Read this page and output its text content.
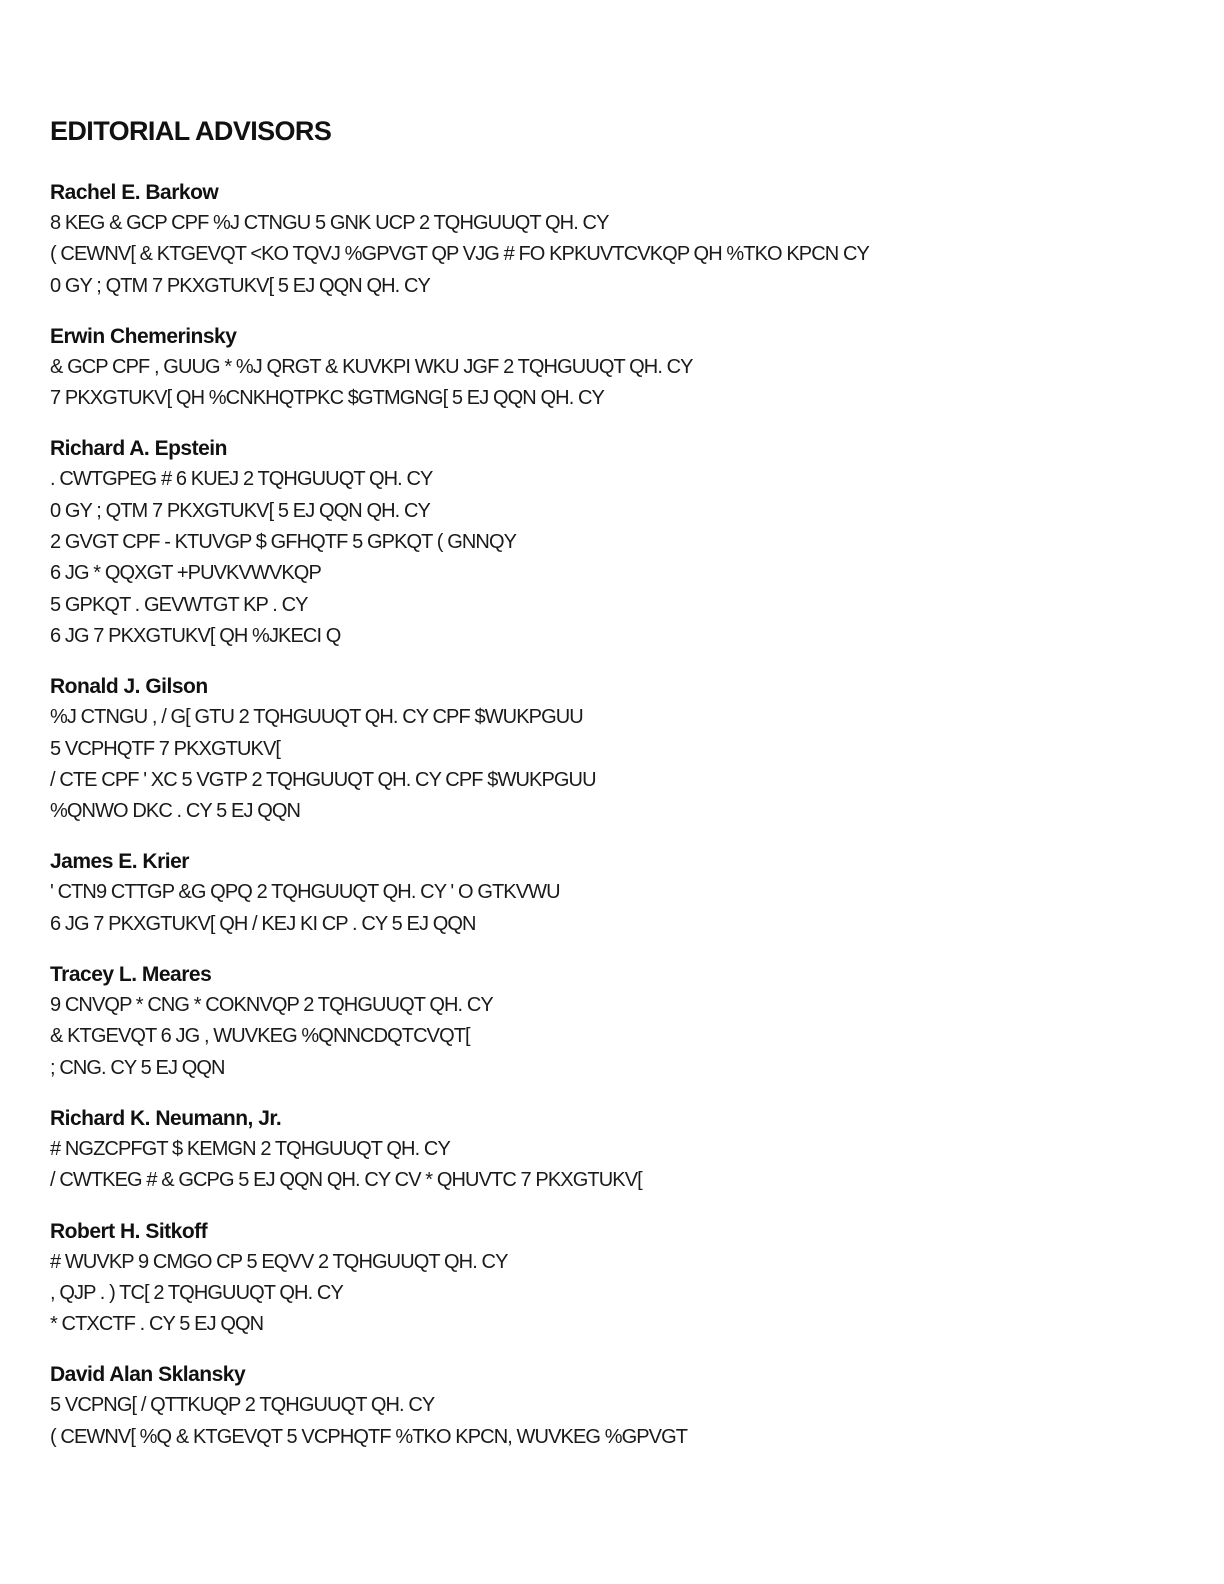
EDITORIAL ADVISORS
Rachel E. Barkow
8 KEG & GCP CPF %J CTNGU 5 GNK UCP 2 TQHGUUQT QH. CY
( CEWNV[ & KTGEVQT <KO TQVJ %GPVGT QP VJG # FO KPKUVTCVKQP QH %TKO KPCN CY
0 GY ; QTM 7 PKXGTUKV[ 5 EJ QQN QH. CY
Erwin Chemerinsky
& GCP CPF , GUUG * %J QRGT & KUVKPI WKU JGF 2 TQHGUUQT QH. CY
7 PKXGTUKV[ QH %CNKHQTPKC $GTMGNG[ 5 EJ QQN QH. CY
Richard A. Epstein
. CWTGPEG # 6 KUEJ 2 TQHGUUQT QH. CY
0 GY ; QTM 7 PKXGTUKV[ 5 EJ QQN QH. CY
2 GVGT CPF - KTUVGP $ GFHQTF 5 GPKQT ( GNNQY
6 JG * QQXGT +PUVKVWVKQP
5 GPKQT . GEVWTGT KP . CY
6 JG 7 PKXGTUKV[ QH %JKECI Q
Ronald J. Gilson
%J CTNGU , / G[ GTU 2 TQHGUUQT QH. CY CPF $WUKPGUU
5 VCPHQTF 7 PKXGTUKV[
/ CTE CPF ' XC 5 VGTP 2 TQHGUUQT QH. CY CPF $WUKPGUU
%QNWO DKC . CY 5 EJ QQN
James E. Krier
' CTN9 CTTGP &G QPQ 2 TQHGUUQT QH. CY ' O GTKVWU
6 JG 7 PKXGTUKV[ QH / KEJ KI CP . CY 5 EJ QQN
Tracey L. Meares
9 CNVQP * CNG * COKNVQP 2 TQHGUUQT QH. CY
& KTGEVQT 6 JG , WUVKEG %QNNCDQTCVQT[
; CNG. CY 5 EJ QQN
Richard K. Neumann, Jr.
# NGZCPFGT $ KEMGN 2 TQHGUUQT QH. CY
/ CWTKEG # & GCPG 5 EJ QQN QH. CY CV * QHUVTC 7 PKXGTUKV[
Robert H. Sitkoff
# WUVKP 9 CMGO CP 5 EQVV 2 TQHGUUQT QH. CY
, QJP . ) TC[ 2 TQHGUUQT QH. CY
* CTXCTF . CY 5 EJ QQN
David Alan Sklansky
5 VCPNG[ / QTTKUQP 2 TQHGUUQT QH. CY
( CEWNV[ %Q & KTGEVQT 5 VCPHQTF %TKO KPCN, WUVKEG %GPVGT
